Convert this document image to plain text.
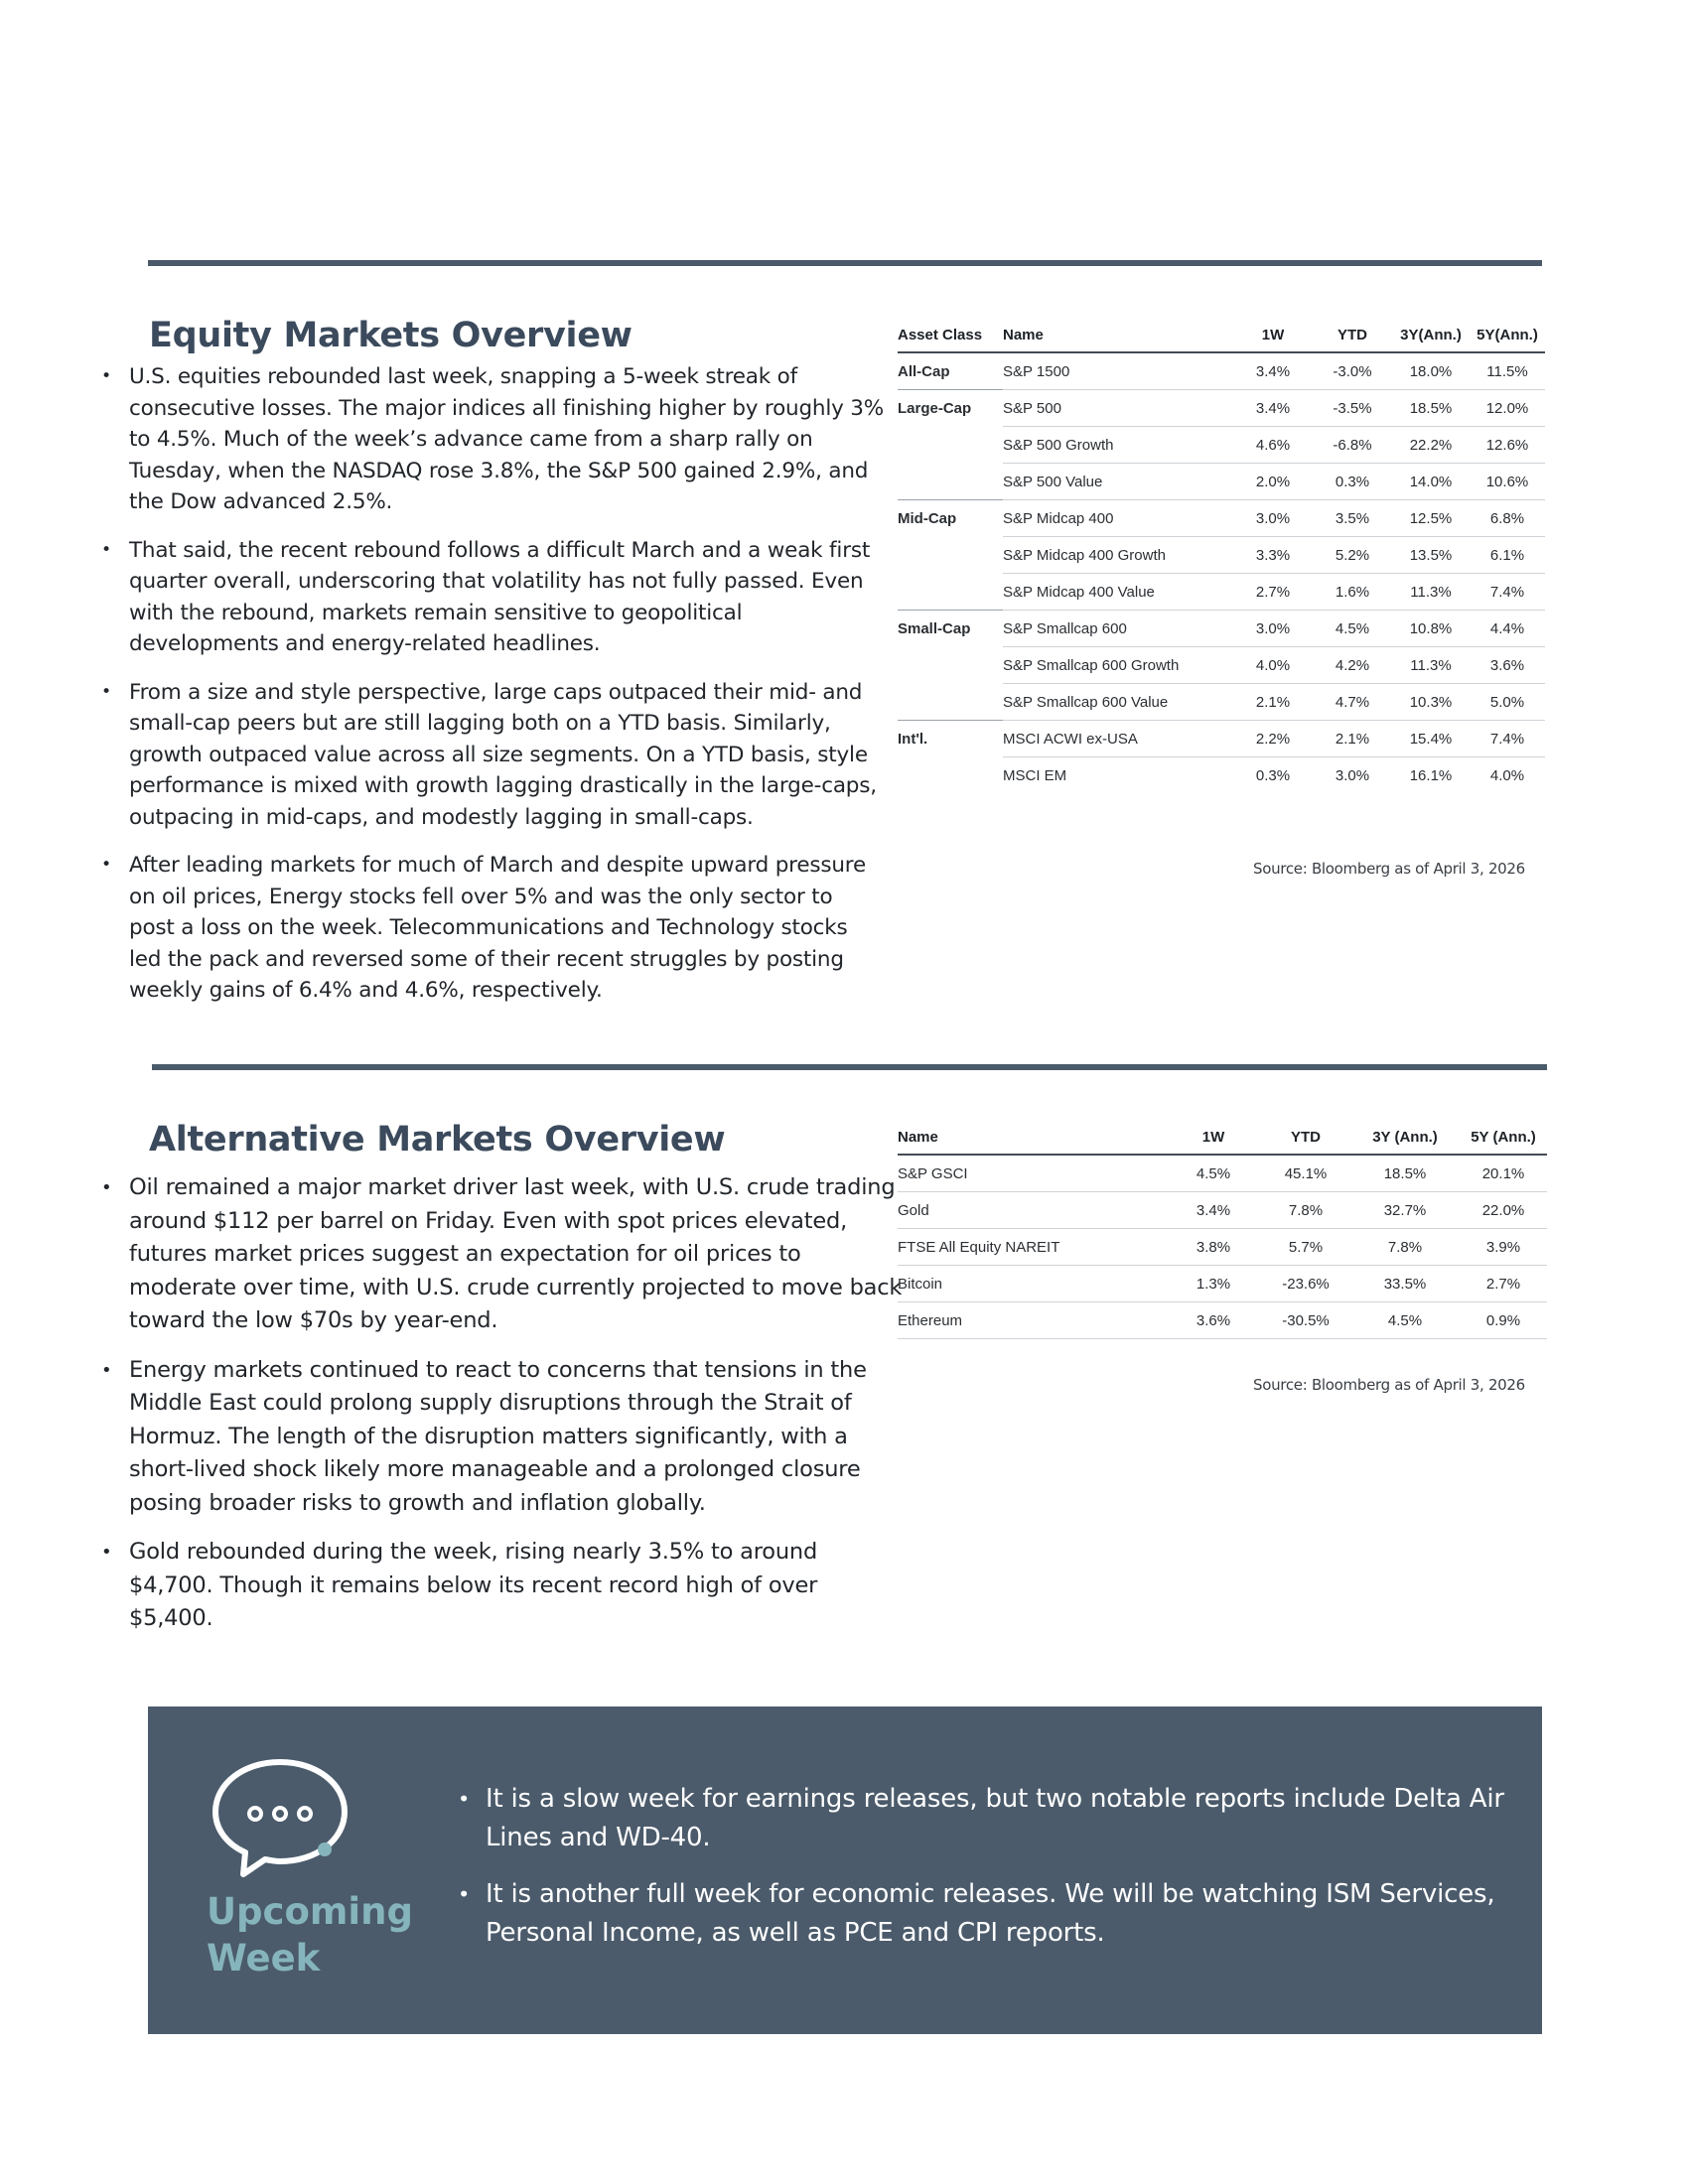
Equity Markets Overview
• U.S. equities rebounded last week, snapping a 5-week streak of consecutive losses. The major indices all finishing higher by roughly 3% to 4.5%. Much of the week’s advance came from a sharp rally on Tuesday, when the NASDAQ rose 3.8%, the S&P 500 gained 2.9%, and the Dow advanced 2.5%.
• That said, the recent rebound follows a difficult March and a weak first quarter overall, underscoring that volatility has not fully passed. Even with the rebound, markets remain sensitive to geopolitical developments and energy-related headlines.
• From a size and style perspective, large caps outpaced their mid- and small-cap peers but are still lagging both on a YTD basis. Similarly, growth outpaced value across all size segments. On a YTD basis, style performance is mixed with growth lagging drastically in the large-caps, outpacing in mid-caps, and modestly lagging in small-caps.
• After leading markets for much of March and despite upward pressure on oil prices, Energy stocks fell over 5% and was the only sector to post a loss on the week. Telecommunications and Technology stocks led the pack and reversed some of their recent struggles by posting weekly gains of 6.4% and 4.6%, respectively.
Asset Class	Name	1W	YTD	3Y(Ann.)	5Y(Ann.)
All-Cap	S&P 1500	3.4%	-3.0%	18.0%	11.5%
Large-Cap	S&P 500	3.4%	-3.5%	18.5%	12.0%
	S&P 500 Growth	4.6%	-6.8%	22.2%	12.6%
	S&P 500 Value	2.0%	0.3%	14.0%	10.6%
Mid-Cap	S&P Midcap 400	3.0%	3.5%	12.5%	6.8%
	S&P Midcap 400 Growth	3.3%	5.2%	13.5%	6.1%
	S&P Midcap 400 Value	2.7%	1.6%	11.3%	7.4%
Small-Cap	S&P Smallcap 600	3.0%	4.5%	10.8%	4.4%
	S&P Smallcap 600 Growth	4.0%	4.2%	11.3%	3.6%
	S&P Smallcap 600 Value	2.1%	4.7%	10.3%	5.0%
Int'l.	MSCI ACWI ex-USA	2.2%	2.1%	15.4%	7.4%
	MSCI EM	0.3%	3.0%	16.1%	4.0%
Source: Bloomberg as of April 3, 2026
Alternative Markets Overview
• Oil remained a major market driver last week, with U.S. crude trading around $112 per barrel on Friday. Even with spot prices elevated, futures market prices suggest an expectation for oil prices to moderate over time, with U.S. crude currently projected to move back toward the low $70s by year-end.
• Energy markets continued to react to concerns that tensions in the Middle East could prolong supply disruptions through the Strait of Hormuz. The length of the disruption matters significantly, with a short-lived shock likely more manageable and a prolonged closure posing broader risks to growth and inflation globally.
• Gold rebounded during the week, rising nearly 3.5% to around $4,700. Though it remains below its recent record high of over $5,400.
Name	1W	YTD	3Y (Ann.)	5Y (Ann.)
S&P GSCI	4.5%	45.1%	18.5%	20.1%
Gold	3.4%	7.8%	32.7%	22.0%
FTSE All Equity NAREIT	3.8%	5.7%	7.8%	3.9%
Bitcoin	1.3%	-23.6%	33.5%	2.7%
Ethereum	3.6%	-30.5%	4.5%	0.9%
Source: Bloomberg as of April 3, 2026
Upcoming
Week
• It is a slow week for earnings releases, but two notable reports include Delta Air Lines and WD-40.
• It is another full week for economic releases. We will be watching ISM Services, Personal Income, as well as PCE and CPI reports.
